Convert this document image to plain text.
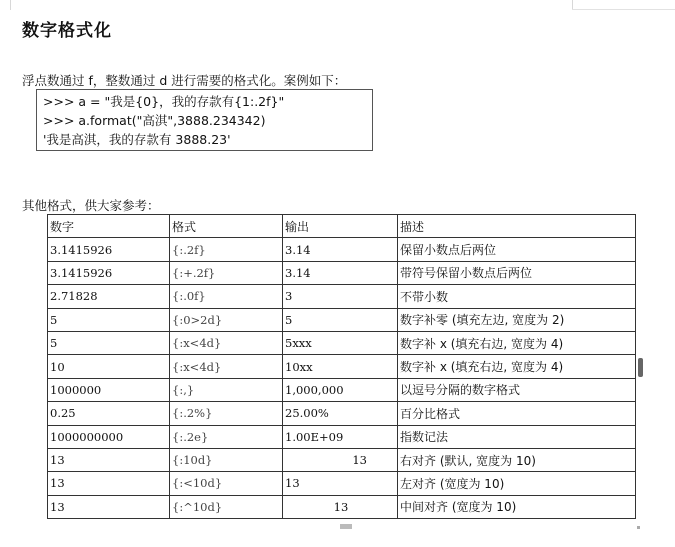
数字格式化
浮点数通过 f，整数通过 d 进行需要的格式化。案例如下：
>>> a = "我是{0}，我的存款有{1:.2f}"
>>> a.format("高淇",3888.234342)
'我是高淇，我的存款有 3888.23'
其他格式，供大家参考：
数字	格式	输出	描述
3.1415926	{:.2f}	3.14	保留小数点后两位
3.1415926	{:+.2f}	3.14	带符号保留小数点后两位
2.71828	{:.0f}	3	不带小数
5	{:0>2d}	5	数字补零 (填充左边, 宽度为 2)
5	{:x<4d}	5xxx	数字补 x (填充右边, 宽度为 4)
10	{:x<4d}	10xx	数字补 x (填充右边, 宽度为 4)
1000000	{:,}	1,000,000	以逗号分隔的数字格式
0.25	{:.2%}	25.00%	百分比格式
1000000000	{:.2e}	1.00E+09	指数记法
13	{:10d}	13	右对齐 (默认, 宽度为 10)
13	{:<10d}	13	左对齐 (宽度为 10)
13	{:^10d}	13	中间对齐 (宽度为 10)
